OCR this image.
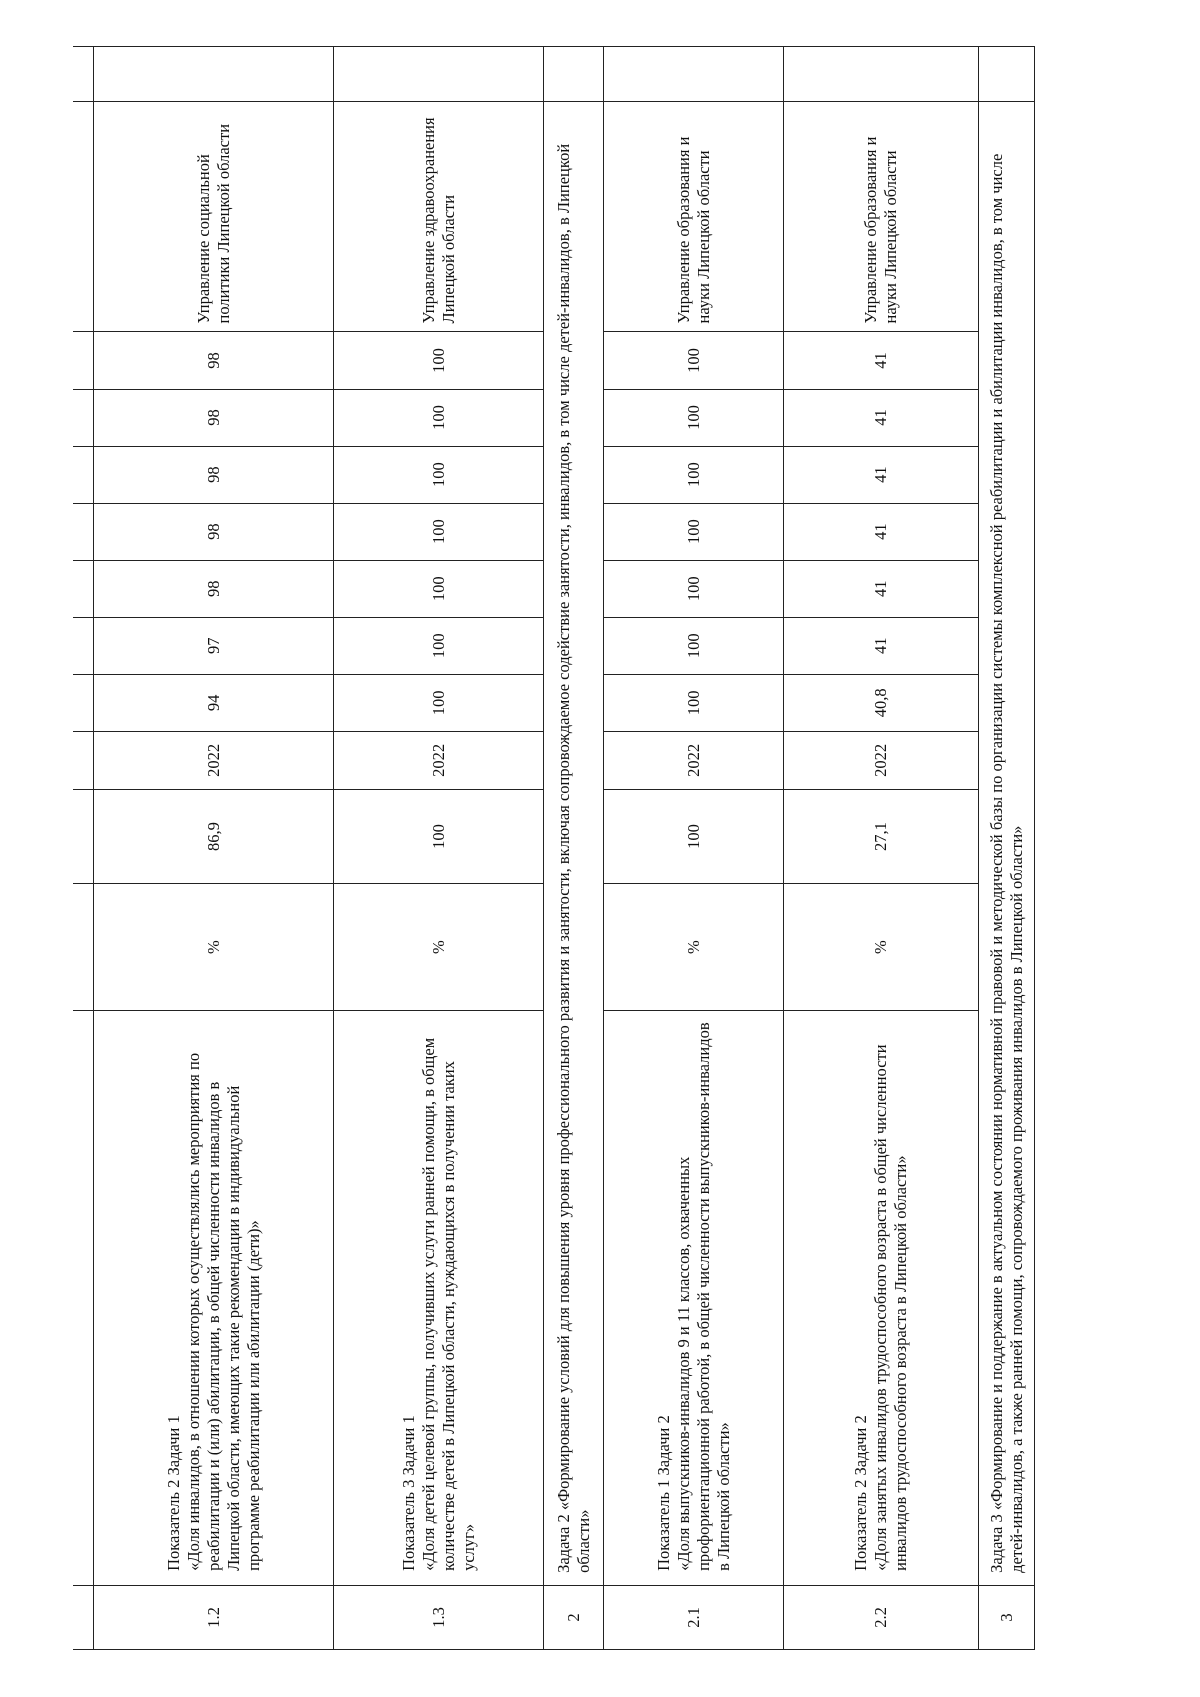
1.2	Показатель 2 Задачи 1 «Доля инвалидов, в отношении которых осуществлялись мероприятия по реабилитации и (или) абилитации, в общей численности инвалидов в Липецкой области, имеющих такие рекомендации в индивидуальной программе реабилитации или абилитации (дети)»	%	86,9	2022	94	97	98	98	98	98	98	Управление социальной политики Липецкой области	
1.3	Показатель 3 Задачи 1 «Доля детей целевой группы, получивших услуги ранней помощи, в общем количестве детей в Липецкой области, нуждающихся в получении таких услуг»	%	100	2022	100	100	100	100	100	100	100	Управление здравоохранения Липецкой области	
2	Задача 2 «Формирование условий для повышения уровня профессионального развития и занятости, включая сопровождаемое содействие занятости, инвалидов, в том числе детей-инвалидов, в Липецкой области»												
2.1	Показатель 1 Задачи 2 «Доля выпускников-инвалидов 9 и 11 классов, охваченных профориентационной работой, в общей численности выпускников-инвалидов в Липецкой области»	%	100	2022	100	100	100	100	100	100	100	Управление образования и науки Липецкой области	
2.2	Показатель 2 Задачи 2 «Доля занятых инвалидов трудоспособного возраста в общей численности инвалидов трудоспособного возраста в Липецкой области»	%	27,1	2022	40,8	41	41	41	41	41	41	Управление образования и науки Липецкой области	
3	Задача 3 «Формирование и поддержание в актуальном состоянии нормативной правовой и методической базы по организации системы комплексной реабилитации и абилитации инвалидов, в том числе детей-инвалидов, а также ранней помощи, сопровождаемого проживания инвалидов в Липецкой области»												
